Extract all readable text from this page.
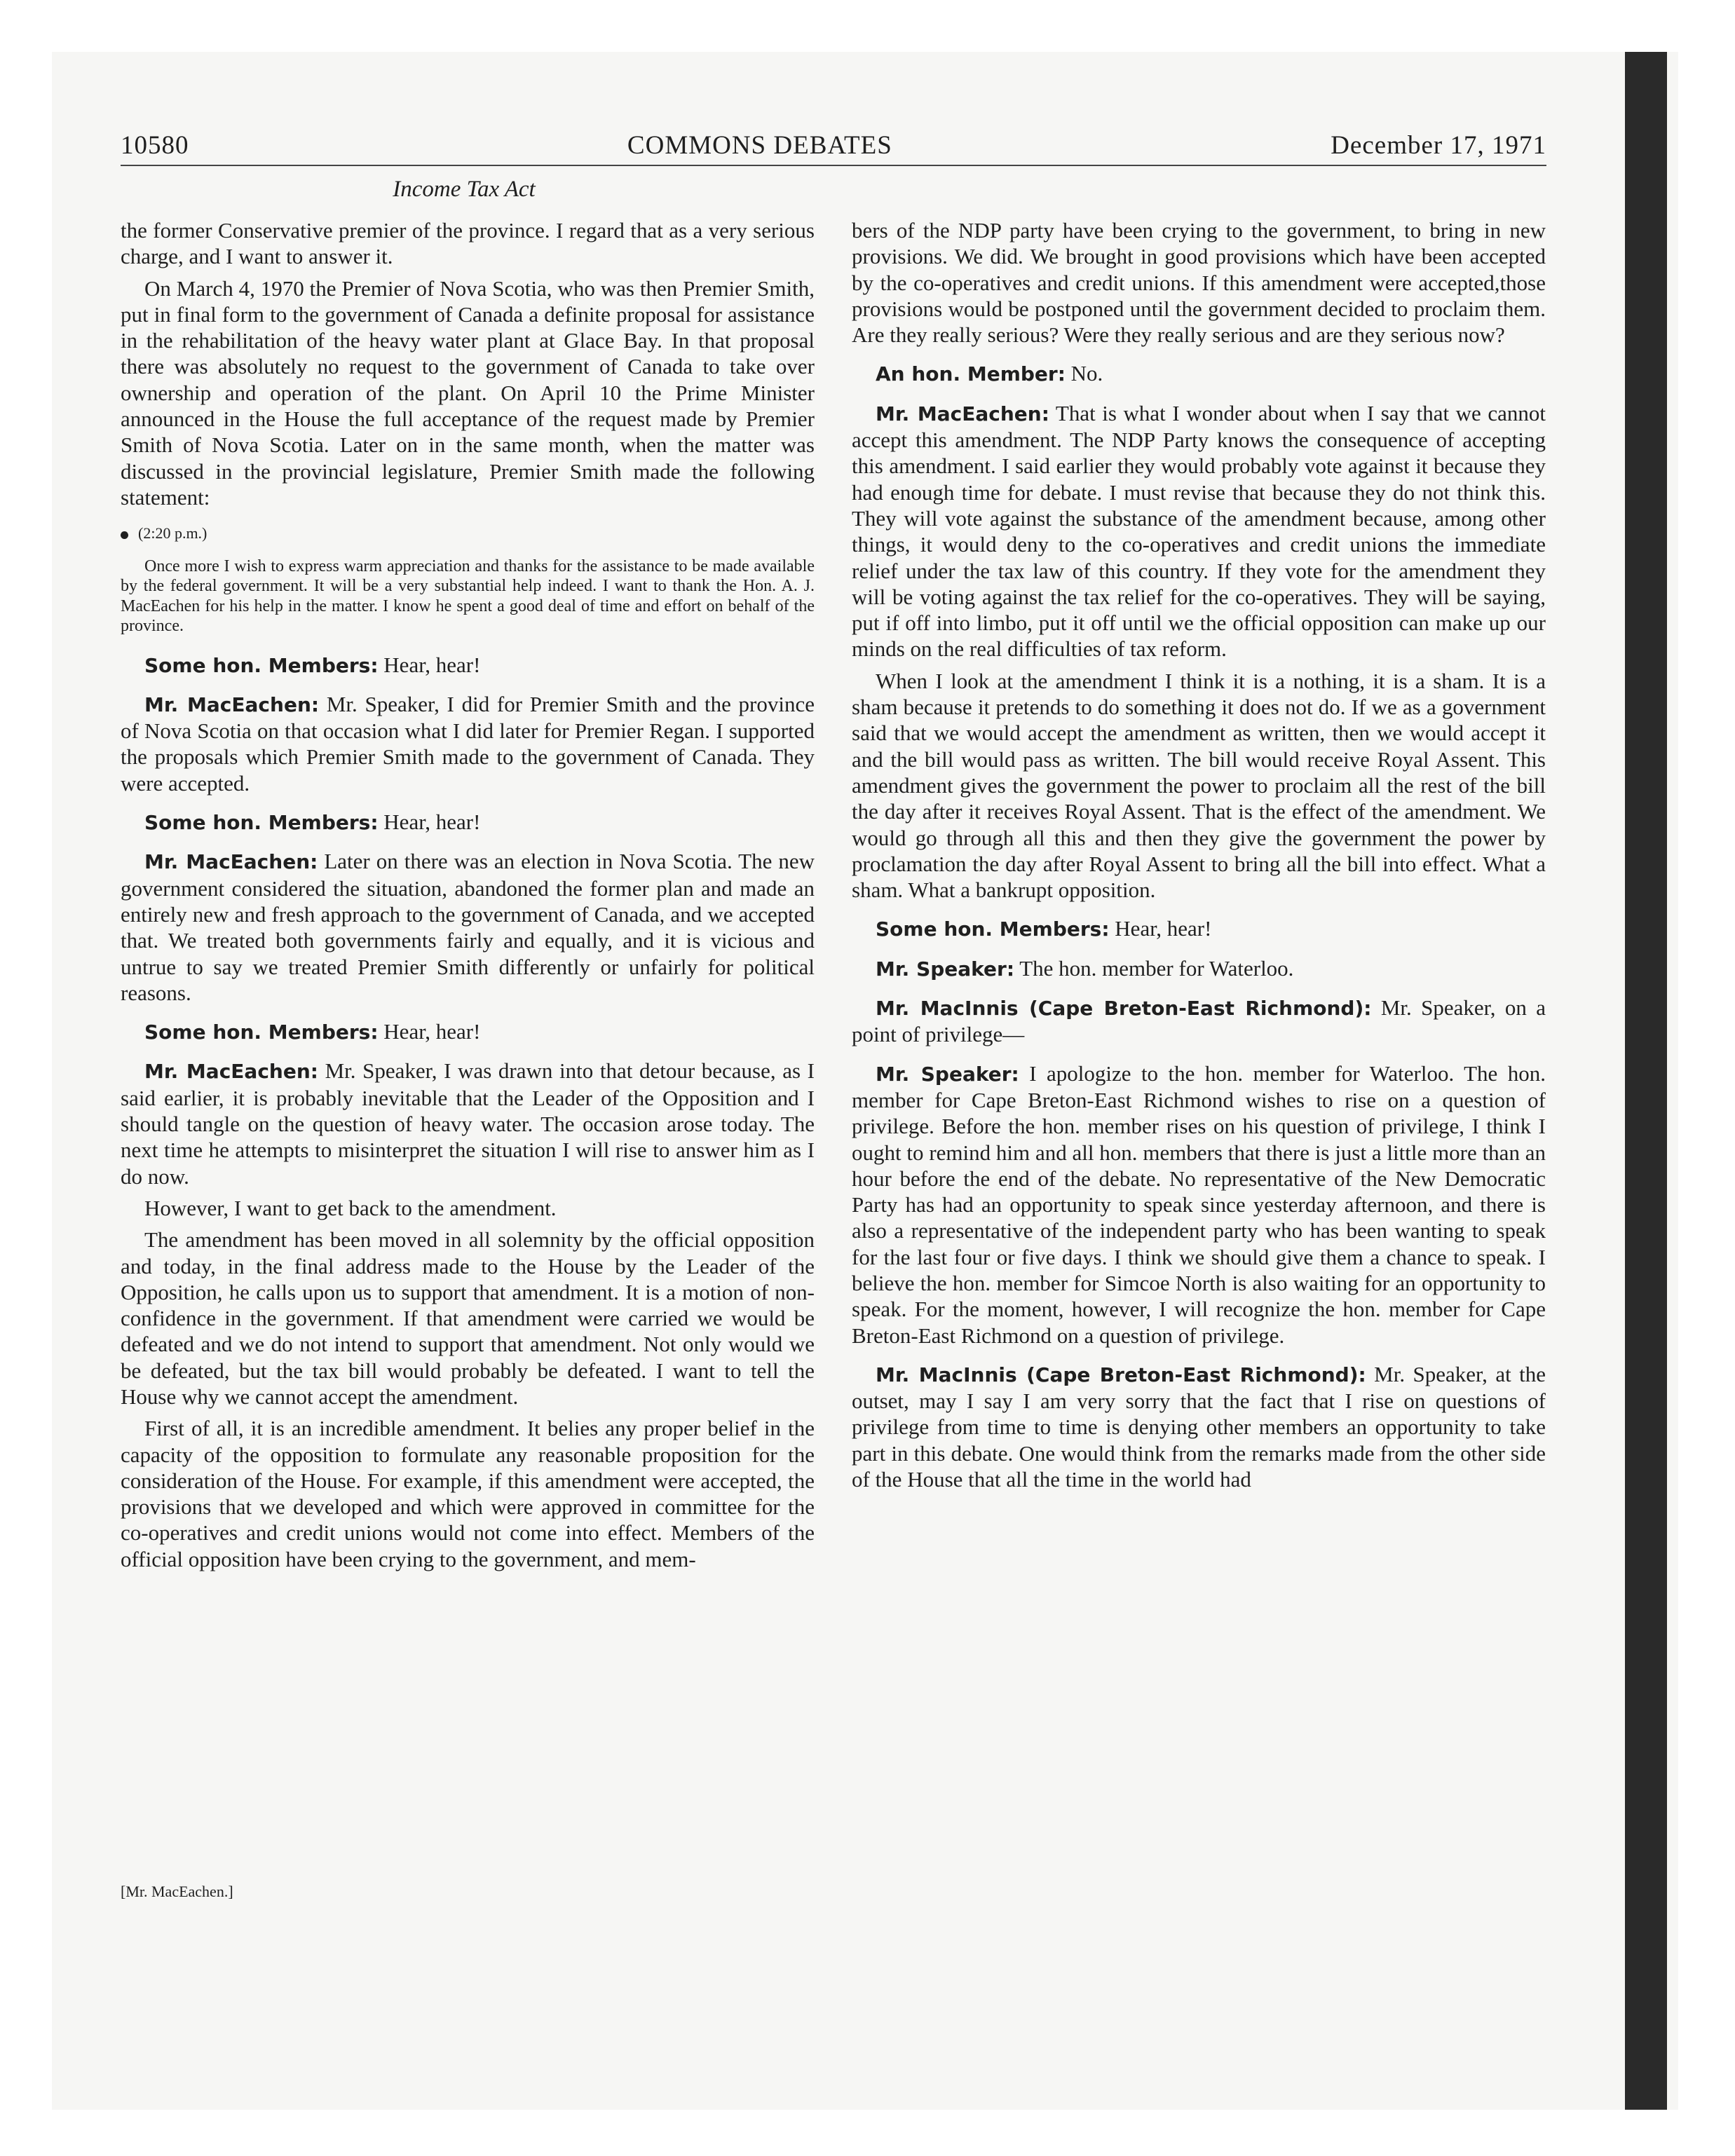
10580	COMMONS DEBATES	December 17, 1971
Income Tax Act

the former Conservative premier of the province. I regard that as a very serious charge, and I want to answer it.

On March 4, 1970 the Premier of Nova Scotia, who was then Premier Smith, put in final form to the government of Canada a definite proposal for assistance in the rehabilitation of the heavy water plant at Glace Bay. In that proposal there was absolutely no request to the government of Canada to take over ownership and operation of the plant. On April 10 the Prime Minister announced in the House the full acceptance of the request made by Premier Smith of Nova Scotia. Later on in the same month, when the matter was discussed in the provincial legislature, Premier Smith made the following statement:

(2:20 p.m.)
Once more I wish to express warm appreciation and thanks for the assistance to be made available by the federal government. It will be a very substantial help indeed. I want to thank the Hon. A. J. MacEachen for his help in the matter. I know he spent a good deal of time and effort on behalf of the province.

Some hon. Members: Hear, hear!

Mr. MacEachen: Mr. Speaker, I did for Premier Smith and the province of Nova Scotia on that occasion what I did later for Premier Regan. I supported the proposals which Premier Smith made to the government of Canada. They were accepted.

Some hon. Members: Hear, hear!

Mr. MacEachen: Later on there was an election in Nova Scotia. The new government considered the situation, abandoned the former plan and made an entirely new and fresh approach to the government of Canada, and we accepted that. We treated both governments fairly and equally, and it is vicious and untrue to say we treated Premier Smith differently or unfairly for political reasons.

Some hon. Members: Hear, hear!

Mr. MacEachen: Mr. Speaker, I was drawn into that detour because, as I said earlier, it is probably inevitable that the Leader of the Opposition and I should tangle on the question of heavy water. The occasion arose today. The next time he attempts to misinterpret the situation I will rise to answer him as I do now.

However, I want to get back to the amendment.

The amendment has been moved in all solemnity by the official opposition and today, in the final address made to the House by the Leader of the Opposition, he calls upon us to support that amendment. It is a motion of non-confidence in the government. If that amendment were carried we would be defeated and we do not intend to support that amendment. Not only would we be defeated, but the tax bill would probably be defeated. I want to tell the House why we cannot accept the amendment.

First of all, it is an incredible amendment. It belies any proper belief in the capacity of the opposition to formulate any reasonable proposition for the consideration of the House. For example, if this amendment were accepted, the provisions that we developed and which were approved in committee for the co-operatives and credit unions would not come into effect. Members of the official opposition have been crying to the government, and mem-

[Mr. MacEachen.]

bers of the NDP party have been crying to the government, to bring in new provisions. We did. We brought in good provisions which have been accepted by the co-operatives and credit unions. If this amendment were accepted,those provisions would be postponed until the government decided to proclaim them. Are they really serious? Were they really serious and are they serious now?

An hon. Member: No.

Mr. MacEachen: That is what I wonder about when I say that we cannot accept this amendment. The NDP Party knows the consequence of accepting this amendment. I said earlier they would probably vote against it because they had enough time for debate. I must revise that because they do not think this. They will vote against the substance of the amendment because, among other things, it would deny to the co-operatives and credit unions the immediate relief under the tax law of this country. If they vote for the amendment they will be voting against the tax relief for the co-operatives. They will be saying, put if off into limbo, put it off until we the official opposition can make up our minds on the real difficulties of tax reform.

When I look at the amendment I think it is a nothing, it is a sham. It is a sham because it pretends to do something it does not do. If we as a government said that we would accept the amendment as written, then we would accept it and the bill would pass as written. The bill would receive Royal Assent. This amendment gives the government the power to proclaim all the rest of the bill the day after it receives Royal Assent. That is the effect of the amendment. We would go through all this and then they give the government the power by proclamation the day after Royal Assent to bring all the bill into effect. What a sham. What a bankrupt opposition.

Some hon. Members: Hear, hear!

Mr. Speaker: The hon. member for Waterloo.

Mr. MacInnis (Cape Breton-East Richmond): Mr. Speaker, on a point of privilege—

Mr. Speaker: I apologize to the hon. member for Waterloo. The hon. member for Cape Breton-East Richmond wishes to rise on a question of privilege. Before the hon. member rises on his question of privilege, I think I ought to remind him and all hon. members that there is just a little more than an hour before the end of the debate. No representative of the New Democratic Party has had an opportunity to speak since yesterday afternoon, and there is also a representative of the independent party who has been wanting to speak for the last four or five days. I think we should give them a chance to speak. I believe the hon. member for Simcoe North is also waiting for an opportunity to speak. For the moment, however, I will recognize the hon. member for Cape Breton-East Richmond on a question of privilege.

Mr. MacInnis (Cape Breton-East Richmond): Mr. Speaker, at the outset, may I say I am very sorry that the fact that I rise on questions of privilege from time to time is denying other members an opportunity to take part in this debate. One would think from the remarks made from the other side of the House that all the time in the world had
